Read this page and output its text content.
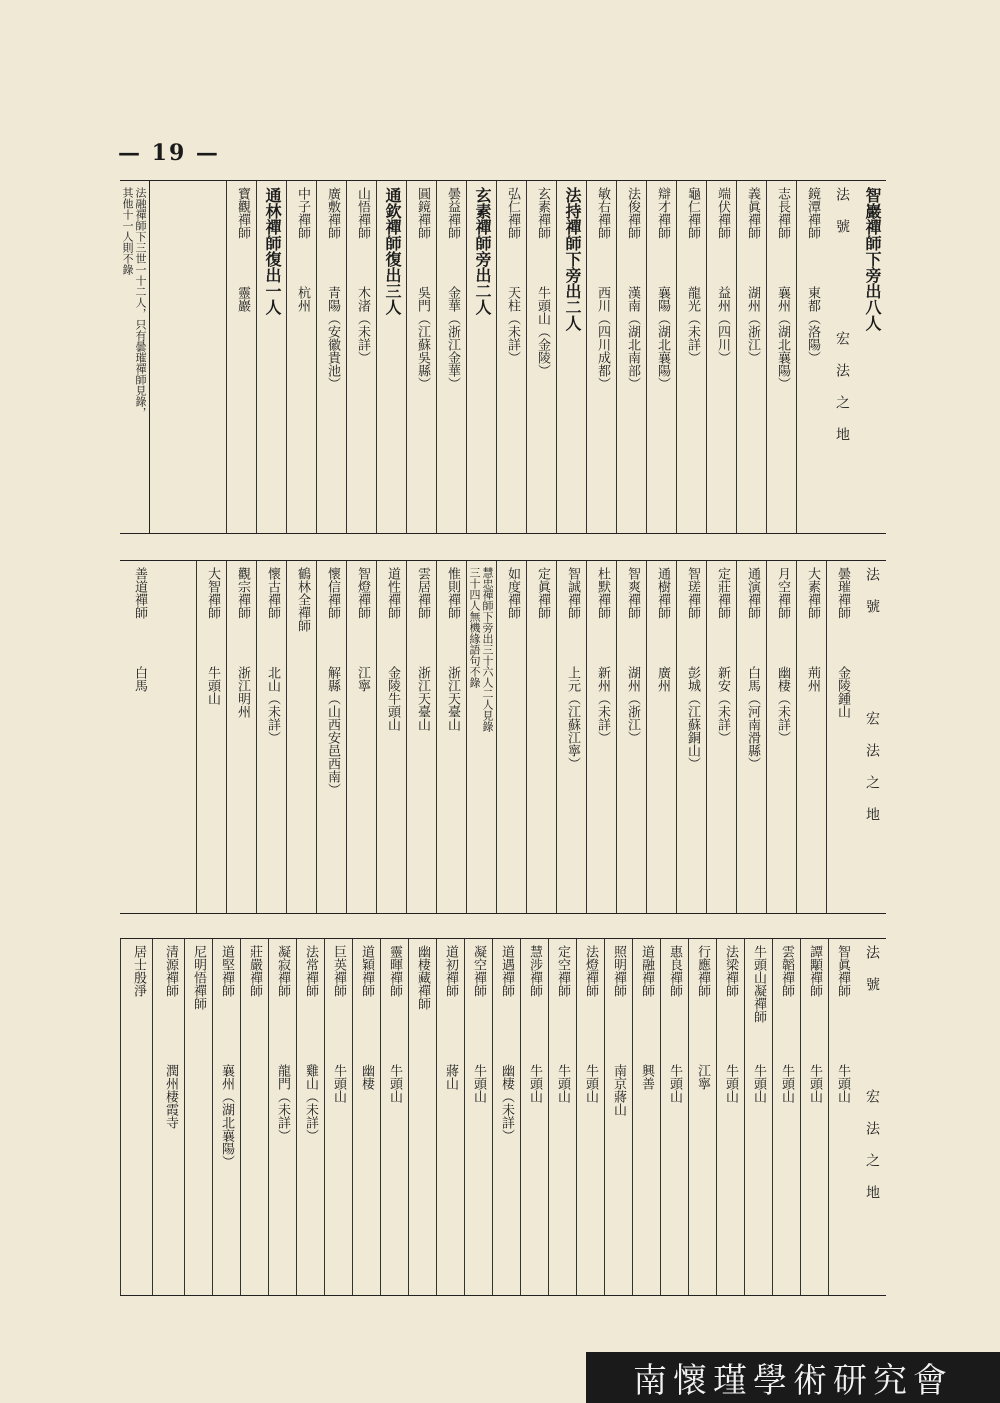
— 19 —
智巖禪師下旁出八人
法號
宏法之地
鏡潭禪師
東都（洛陽）
志長禪師
襄州（湖北襄陽）
義眞禪師
湖州（浙江）
端伏禪師
益州（四川）
龜仁禪師
龍光（未詳）
辯才禪師
襄陽（湖北襄陽）
法俊禪師
漢南（湖北南部）
敏右禪師
西川（四川成都）
法持禪師下旁出二人
玄素禪師
牛頭山（金陵）
弘仁禪師
天柱（未詳）
玄素禪師旁出二人
曇益禪師
金華（浙江金華）
圓鏡禪師
吳門（江蘇吳縣）
通欽禪師復出三人
山悟禪師
木渚（未詳）
廣敷禪師
青陽（安徽貴池）
中子禪師
杭州
通林禪師復出一人
寶觀禪師
靈巖
法融禪師下三世一十二人，只有曇璀禪師見錄，
其他十一人則不錄
法號
宏法之地
曇璀禪師
金陵鍾山
大素禪師
荊州
月空禪師
幽棲（未詳）
通演禪師
白馬（河南滑縣）
定莊禪師
新安（未詳）
智瑳禪師
彭城（江蘇銅山）
通樹禪師
廣州
智爽禪師
湖州（浙江）
杜默禪師
新州（未詳）
智誠禪師
上元（江蘇江寧）
定眞禪師
如度禪師
慧忠禪師下旁出三十六人二人見錄
三十四人無機緣語句不錄
惟則禪師
浙江天臺山
雲居禪師
浙江天臺山
道性禪師
金陵牛頭山
智燈禪師
江寧
懷信禪師
解縣（山西安邑西南）
鶴林全禪師
懷古禪師
北山（未詳）
觀宗禪師
浙江明州
大智禪師
牛頭山
善道禪師
白馬
法號
宏法之地
智眞禪師
牛頭山
譚顒禪師
牛頭山
雲韜禪師
牛頭山
牛頭山凝禪師
牛頭山
法梁禪師
牛頭山
行應禪師
江寧
惠良禪師
牛頭山
道融禪師
興善
照明禪師
南京蔣山
法燈禪師
牛頭山
定空禪師
牛頭山
慧涉禪師
牛頭山
道遇禪師
幽棲（未詳）
凝空禪師
牛頭山
道初禪師
蔣山
幽棲藏禪師
靈暉禪師
牛頭山
道穎禪師
幽棲
巨英禪師
牛頭山
法常禪師
雞山（未詳）
凝寂禪師
龍門（未詳）
莊嚴禪師
道堅禪師
襄州（湖北襄陽）
尼明悟禪師
清源禪師
潤州棲霞寺
居士殷淨
南懷瑾學術研究會
